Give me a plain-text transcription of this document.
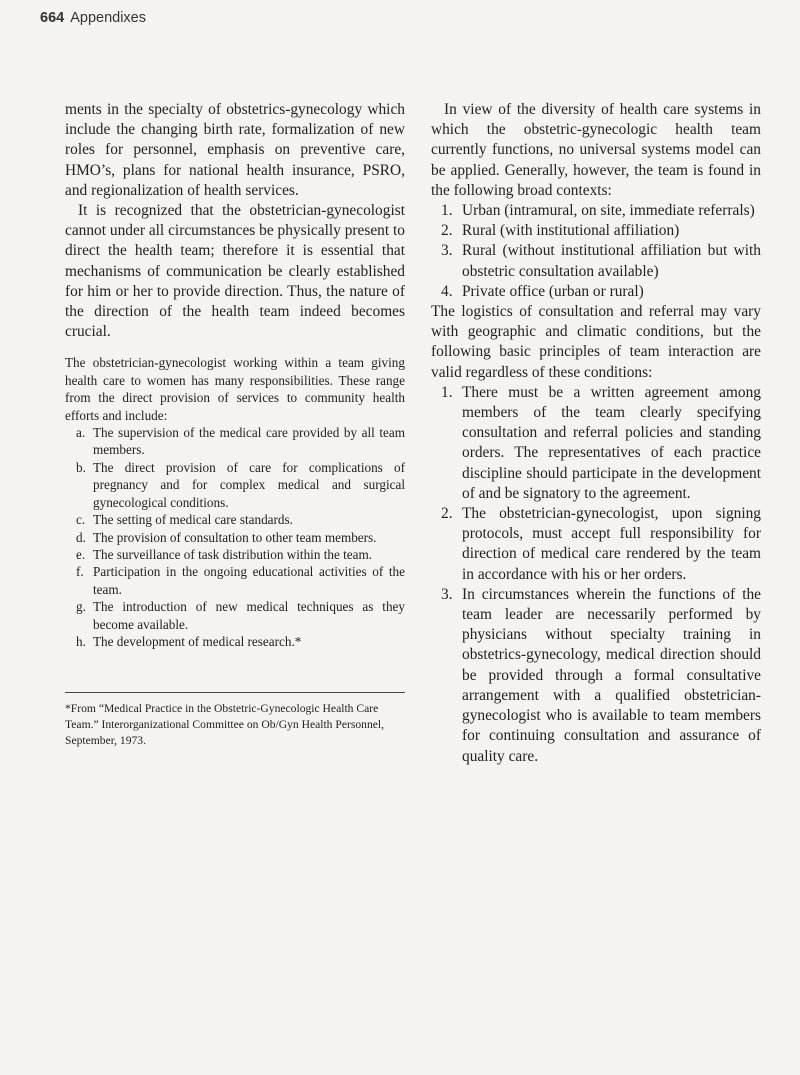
664 Appendixes

ments in the specialty of obstetrics-gynecology which include the changing birth rate, formalization of new roles for personnel, emphasis on preventive care, HMO’s, plans for national health insurance, PSRO, and regionalization of health services.

It is recognized that the obstetrician-gynecologist cannot under all circumstances be physically present to direct the health team; therefore it is essential that mechanisms of communication be clearly established for him or her to provide direction. Thus, the nature of the direction of the health team indeed becomes crucial.

The obstetrician-gynecologist working within a team giving health care to women has many responsibilities. These range from the direct provision of services to community health efforts and include:

a. The supervision of the medical care provided by all team members.
b. The direct provision of care for complications of pregnancy and for complex medical and surgical gynecological conditions.
c. The setting of medical care standards.
d. The provision of consultation to other team members.
e. The surveillance of task distribution within the team.
f. Participation in the ongoing educational activities of the team.
g. The introduction of new medical techniques as they become available.
h. The development of medical research.*
*From “Medical Practice in the Obstetric-Gynecologic Health Care Team.” Interorganizational Committee on Ob/Gyn Health Personnel, September, 1973.

In view of the diversity of health care systems in which the obstetric-gynecologic health team currently functions, no universal systems model can be applied. Generally, however, the team is found in the following broad contexts:

1. Urban (intramural, on site, immediate referrals)
2. Rural (with institutional affiliation)
3. Rural (without institutional affiliation but with obstetric consultation available)
4. Private office (urban or rural)

The logistics of consultation and referral may vary with geographic and climatic conditions, but the following basic principles of team interaction are valid regardless of these conditions:

1. There must be a written agreement among members of the team clearly specifying consultation and referral policies and standing orders. The representatives of each practice discipline should participate in the development of and be signatory to the agreement.
2. The obstetrician-gynecologist, upon signing protocols, must accept full responsibility for direction of medical care rendered by the team in accordance with his or her orders.
3. In circumstances wherein the functions of the team leader are necessarily performed by physicians without specialty training in obstetrics-gynecology, medical direction should be provided through a formal consultative arrangement with a qualified obstetrician-gynecologist who is available to team members for continuing consultation and assurance of quality care.
